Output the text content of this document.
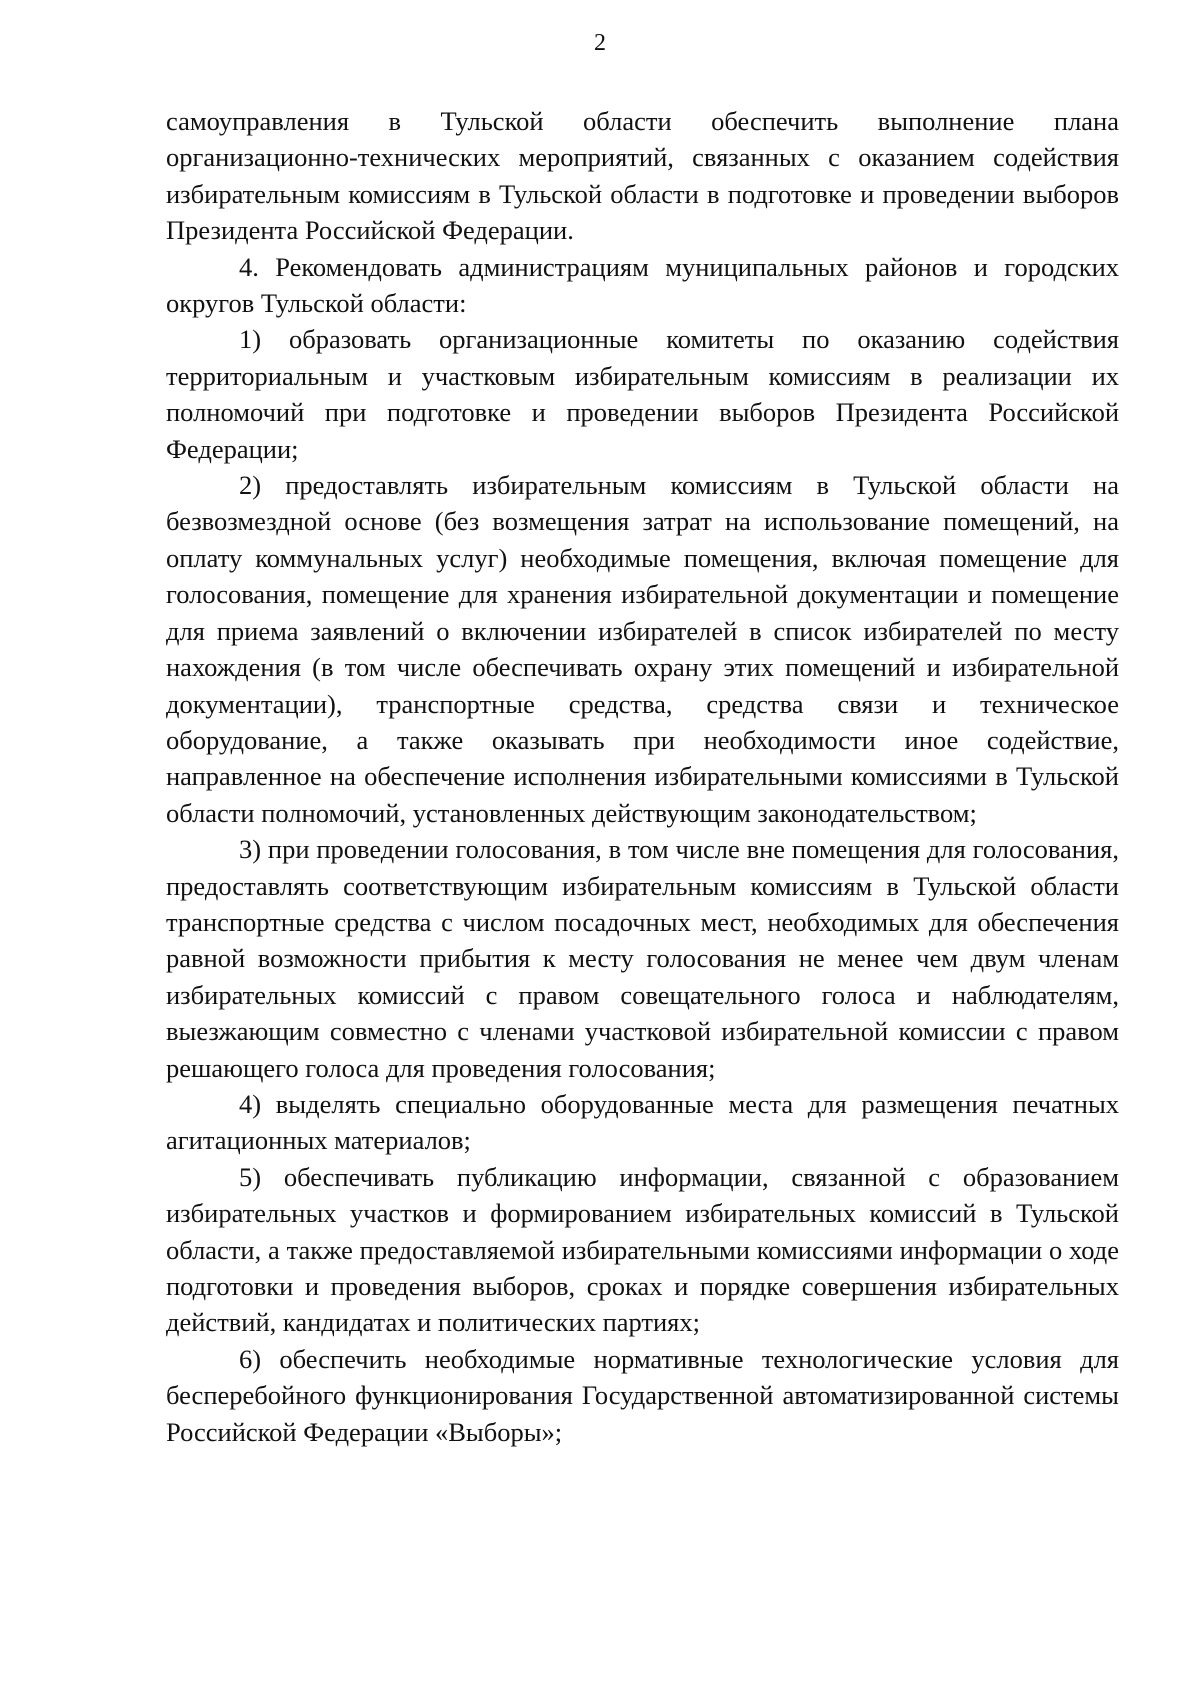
2

самоуправления в Тульской области обеспечить выполнение плана организационно-технических мероприятий, связанных с оказанием содействия избирательным комиссиям в Тульской области в подготовке и проведении выборов Президента Российской Федерации.

4. Рекомендовать администрациям муниципальных районов и городских округов Тульской области:

1) образовать организационные комитеты по оказанию содействия территориальным и участковым избирательным комиссиям в реализации их полномочий при подготовке и проведении выборов Президента Российской Федерации;

2) предоставлять избирательным комиссиям в Тульской области на безвозмездной основе (без возмещения затрат на использование помещений, на оплату коммунальных услуг) необходимые помещения, включая помещение для голосования, помещение для хранения избирательной документации и помещение для приема заявлений о включении избирателей в список избирателей по месту нахождения (в том числе обеспечивать охрану этих помещений и избирательной документации), транспортные средства, средства связи и техническое оборудование, а также оказывать при необходимости иное содействие, направленное на обеспечение исполнения избирательными комиссиями в Тульской области полномочий, установленных действующим законодательством;

3) при проведении голосования, в том числе вне помещения для голосования, предоставлять соответствующим избирательным комиссиям в Тульской области транспортные средства с числом посадочных мест, необходимых для обеспечения равной возможности прибытия к месту голосования не менее чем двум членам избирательных комиссий с правом совещательного голоса и наблюдателям, выезжающим совместно с членами участковой избирательной комиссии с правом решающего голоса для проведения голосования;

4) выделять специально оборудованные места для размещения печатных агитационных материалов;

5) обеспечивать публикацию информации, связанной с образованием избирательных участков и формированием избирательных комиссий в Тульской области, а также предоставляемой избирательными комиссиями информации о ходе подготовки и проведения выборов, сроках и порядке совершения избирательных действий, кандидатах и политических партиях;

6) обеспечить необходимые нормативные технологические условия для бесперебойного функционирования Государственной автоматизированной системы Российской Федерации «Выборы»;
